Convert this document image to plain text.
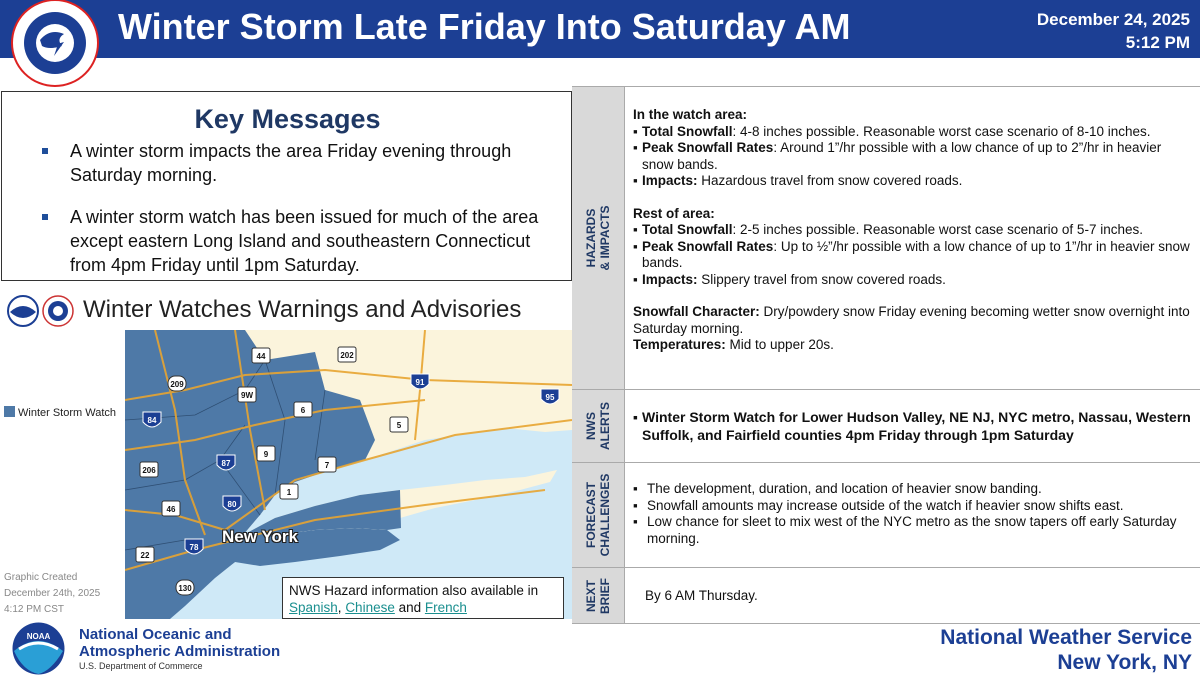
Winter Storm Late Friday Into Saturday AM	December 24, 2025
5:12 PM
Key Messages
A winter storm impacts the area Friday evening through Saturday morning.
A winter storm watch has been issued for much of the area except eastern Long Island and southeastern Connecticut from 4pm Friday until 1pm Saturday.
Winter Watches Warnings and Advisories
Winter Storm Watch
Graphic Created
December 24th, 2025
4:12 PM CST
44	202
209
9W
84
91
95
6
5
87
9
7
206
80
46
1
22
78
130
New York
NWS Hazard information also available in
Spanish, Chinese and French
HAZARDS & IMPACTS
In the watch area:
▪ Total Snowfall: 4-8 inches possible. Reasonable worst case scenario of 8-10 inches.
▪ Peak Snowfall Rates: Around 1”/hr possible with a low chance of up to 2”/hr in heavier snow bands.
▪ Impacts: Hazardous travel from snow covered roads.
Rest of area:
▪ Total Snowfall: 2-5 inches possible. Reasonable worst case scenario of 5-7 inches.
▪ Peak Snowfall Rates: Up to ½”/hr possible with a low chance of up to 1”/hr in heavier snow bands.
▪ Impacts: Slippery travel from snow covered roads.
Snowfall Character: Dry/powdery snow Friday evening becoming wetter snow overnight into Saturday morning.
Temperatures: Mid to upper 20s.
NWS ALERTS	▪ Winter Storm Watch for Lower Hudson Valley, NE NJ, NYC metro, Nassau, Western Suffolk, and Fairfield counties 4pm Friday through 1pm Saturday
FORECAST CHALLENGES	▪ The development, duration, and location of heavier snow banding.
▪ Snowfall amounts may increase outside of the watch if heavier snow shifts east.
▪ Low chance for sleet to mix west of the NYC metro as the snow tapers off early Saturday morning.
NEXT BRIEF By 6 AM Thursday.
NOAA National Oceanic and
Atmospheric Administration
U.S. Department of Commerce
National Weather Service
New York, NY
